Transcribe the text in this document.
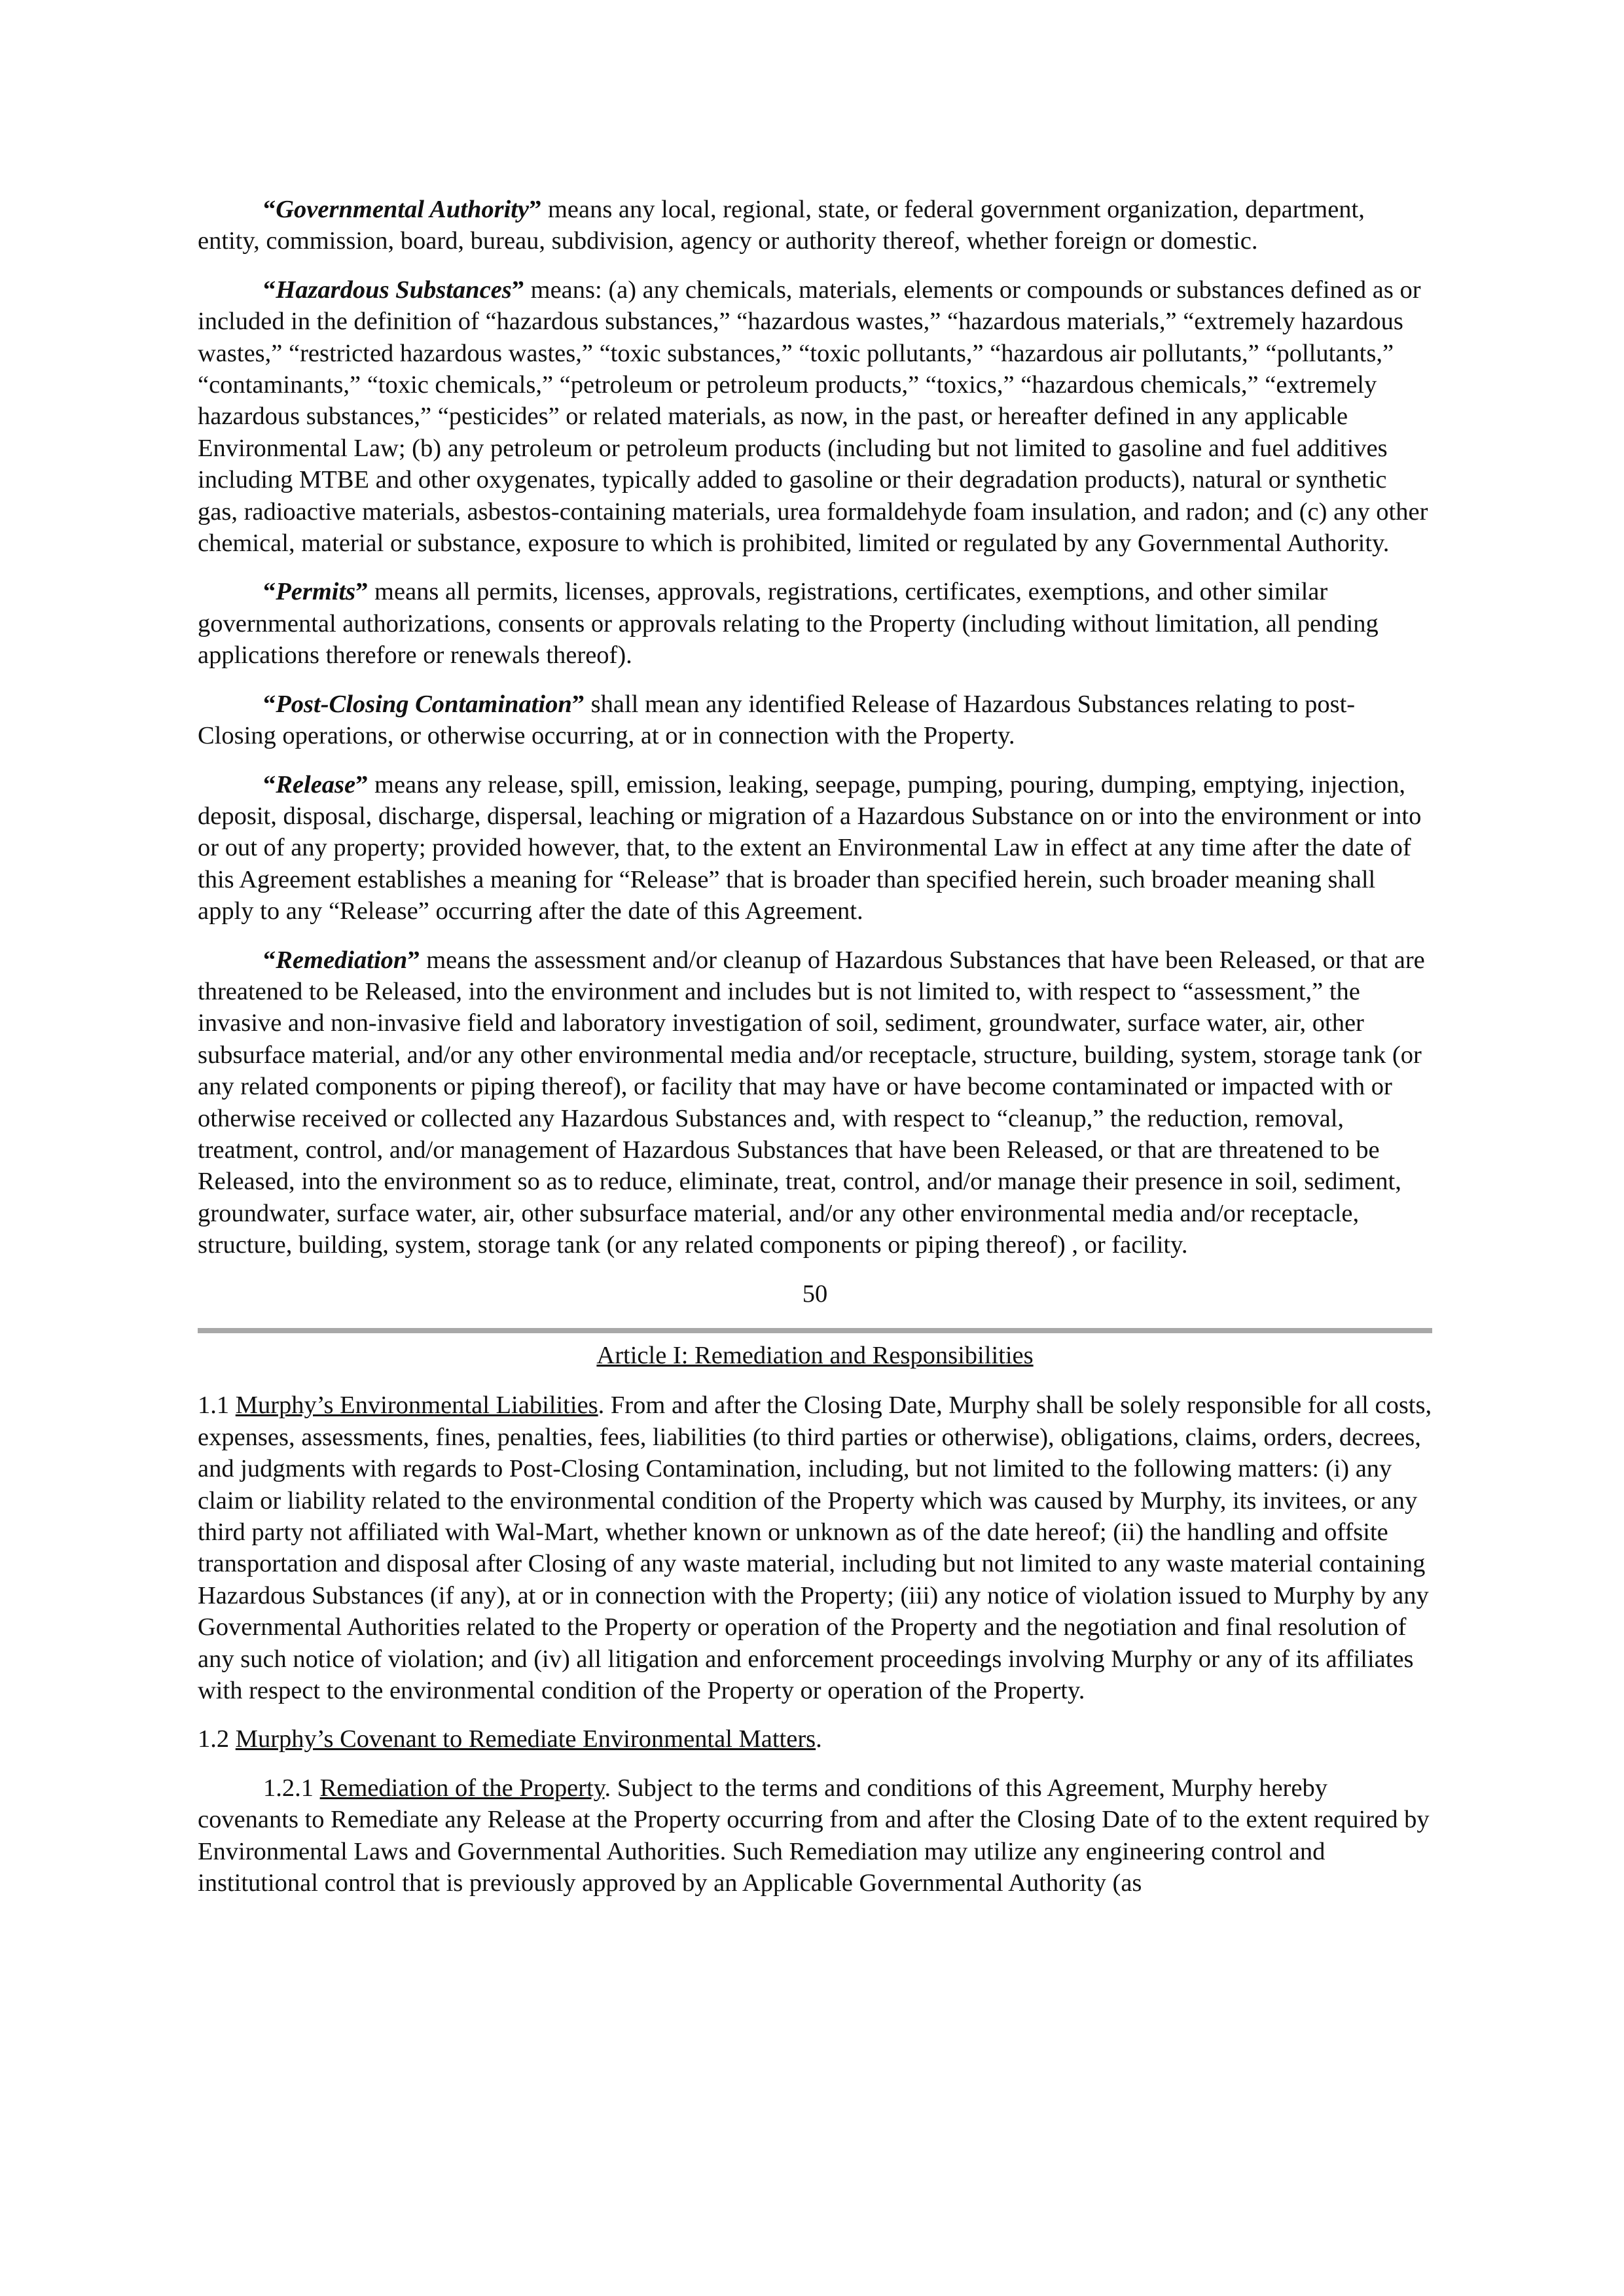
“Governmental Authority” means any local, regional, state, or federal government organization, department, entity, commission, board, bureau, subdivision, agency or authority thereof, whether foreign or domestic.

“Hazardous Substances” means: (a) any chemicals, materials, elements or compounds or substances defined as or included in the definition of “hazardous substances,” “hazardous wastes,” “hazardous materials,” “extremely hazardous wastes,” “restricted hazardous wastes,” “toxic substances,” “toxic pollutants,” “hazardous air pollutants,” “pollutants,” “contaminants,” “toxic chemicals,” “petroleum or petroleum products,” “toxics,” “hazardous chemicals,” “extremely hazardous substances,” “pesticides” or related materials, as now, in the past, or hereafter defined in any applicable Environmental Law; (b) any petroleum or petroleum products (including but not limited to gasoline and fuel additives including MTBE and other oxygenates, typically added to gasoline or their degradation products), natural or synthetic gas, radioactive materials, asbestos-containing materials, urea formaldehyde foam insulation, and radon; and (c) any other chemical, material or substance, exposure to which is prohibited, limited or regulated by any Governmental Authority.

“Permits” means all permits, licenses, approvals, registrations, certificates, exemptions, and other similar governmental authorizations, consents or approvals relating to the Property (including without limitation, all pending applications therefore or renewals thereof).

“Post-Closing Contamination” shall mean any identified Release of Hazardous Substances relating to post-Closing operations, or otherwise occurring, at or in connection with the Property.

“Release” means any release, spill, emission, leaking, seepage, pumping, pouring, dumping, emptying, injection, deposit, disposal, discharge, dispersal, leaching or migration of a Hazardous Substance on or into the environment or into or out of any property; provided however, that, to the extent an Environmental Law in effect at any time after the date of this Agreement establishes a meaning for “Release” that is broader than specified herein, such broader meaning shall apply to any “Release” occurring after the date of this Agreement.

“Remediation” means the assessment and/or cleanup of Hazardous Substances that have been Released, or that are threatened to be Released, into the environment and includes but is not limited to, with respect to “assessment,” the invasive and non-invasive field and laboratory investigation of soil, sediment, groundwater, surface water, air, other subsurface material, and/or any other environmental media and/or receptacle, structure, building, system, storage tank (or any related components or piping thereof), or facility that may have or have become contaminated or impacted with or otherwise received or collected any Hazardous Substances and, with respect to “cleanup,” the reduction, removal, treatment, control, and/or management of Hazardous Substances that have been Released, or that are threatened to be Released, into the environment so as to reduce, eliminate, treat, control, and/or manage their presence in soil, sediment, groundwater, surface water, air, other subsurface material, and/or any other environmental media and/or receptacle, structure, building, system, storage tank (or any related components or piping thereof) , or facility.

50
Article I: Remediation and Responsibilities

1.1 Murphy’s Environmental Liabilities. From and after the Closing Date, Murphy shall be solely responsible for all costs, expenses, assessments, fines, penalties, fees, liabilities (to third parties or otherwise), obligations, claims, orders, decrees, and judgments with regards to Post-Closing Contamination, including, but not limited to the following matters: (i) any claim or liability related to the environmental condition of the Property which was caused by Murphy, its invitees, or any third party not affiliated with Wal-Mart, whether known or unknown as of the date hereof; (ii) the handling and offsite transportation and disposal after Closing of any waste material, including but not limited to any waste material containing Hazardous Substances (if any), at or in connection with the Property; (iii) any notice of violation issued to Murphy by any Governmental Authorities related to the Property or operation of the Property and the negotiation and final resolution of any such notice of violation; and (iv) all litigation and enforcement proceedings involving Murphy or any of its affiliates with respect to the environmental condition of the Property or operation of the Property.

1.2 Murphy’s Covenant to Remediate Environmental Matters.

1.2.1 Remediation of the Property. Subject to the terms and conditions of this Agreement, Murphy hereby covenants to Remediate any Release at the Property occurring from and after the Closing Date of to the extent required by Environmental Laws and Governmental Authorities. Such Remediation may utilize any engineering control and institutional control that is previously approved by an Applicable Governmental Authority (as
